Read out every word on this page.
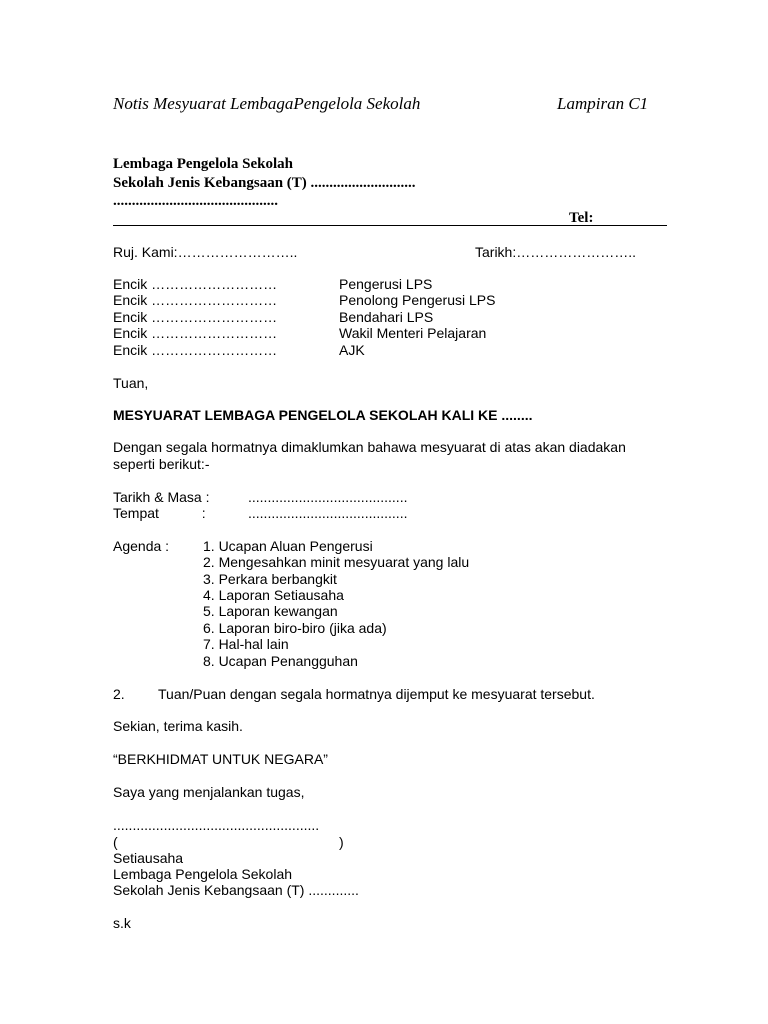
Notis Mesyuarat LembagaPengelola Sekolah	Lampiran C1
Lembaga Pengelola Sekolah
Sekolah Jenis Kebangsaan (T) ............................
............................................
Tel:
Ruj. Kami:……………………..	Tarikh:……………………..
Encik ………………………	Pengerusi LPS
Encik ………………………	Penolong Pengerusi LPS
Encik ………………………	Bendahari LPS
Encik ………………………	Wakil Menteri Pelajaran
Encik ………………………	AJK
Tuan,
MESYUARAT LEMBAGA PENGELOLA SEKOLAH KALI KE ........
Dengan segala hormatnya dimaklumkan bahawa mesyuarat di atas akan diadakan
seperti berikut:-
Tarikh & Masa :	.........................................
Tempat           :	.........................................
Agenda : 1. Ucapan Aluan Pengerusi
2. Mengesahkan minit mesyuarat yang lalu
3. Perkara berbangkit
4. Laporan Setiausaha
5. Laporan kewangan
6. Laporan biro-biro (jika ada)
7. Hal-hal lain
8. Ucapan Penangguhan
2. Tuan/Puan dengan segala hormatnya dijemput ke mesyuarat tersebut.
Sekian, terima kasih.
“BERKHIDMAT UNTUK NEGARA”
Saya yang menjalankan tugas,
.....................................................
(	)
Setiausaha
Lembaga Pengelola Sekolah
Sekolah Jenis Kebangsaan (T) .............
s.k
